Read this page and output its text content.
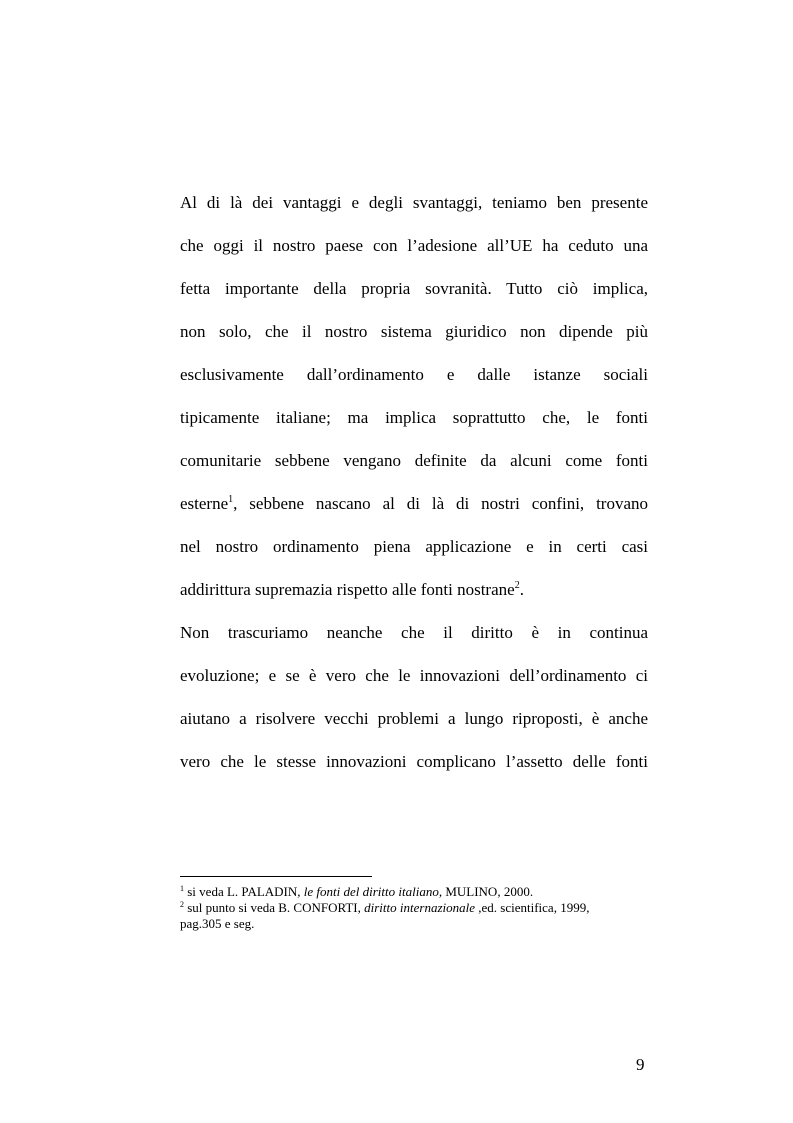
Al di là dei vantaggi e degli svantaggi, teniamo ben presente
che oggi il nostro paese con l’adesione all’UE ha ceduto una
fetta importante della propria sovranità. Tutto ciò implica,
non solo, che il nostro sistema giuridico non dipende più
esclusivamente dall’ordinamento e dalle istanze sociali
tipicamente italiane; ma implica soprattutto che, le fonti
comunitarie sebbene vengano definite da alcuni come fonti
esterne$^1$, sebbene nascano al di là di nostri confini, trovano
nel nostro ordinamento piena applicazione e in certi casi
addirittura supremazia rispetto alle fonti nostrane$^2$.
Non trascuriamo neanche che il diritto è in continua
evoluzione; e se è vero che le innovazioni dell’ordinamento ci
aiutano a risolvere vecchi problemi a lungo riproposti, è anche
vero che le stesse innovazioni complicano l’assetto delle fonti
$^1$ si veda L. PALADIN, le fonti del diritto italiano, MULINO, 2000.
$^2$ sul punto si veda B. CONFORTI, diritto internazionale ,ed. scientifica, 1999,
pag.305 e seg.
9
